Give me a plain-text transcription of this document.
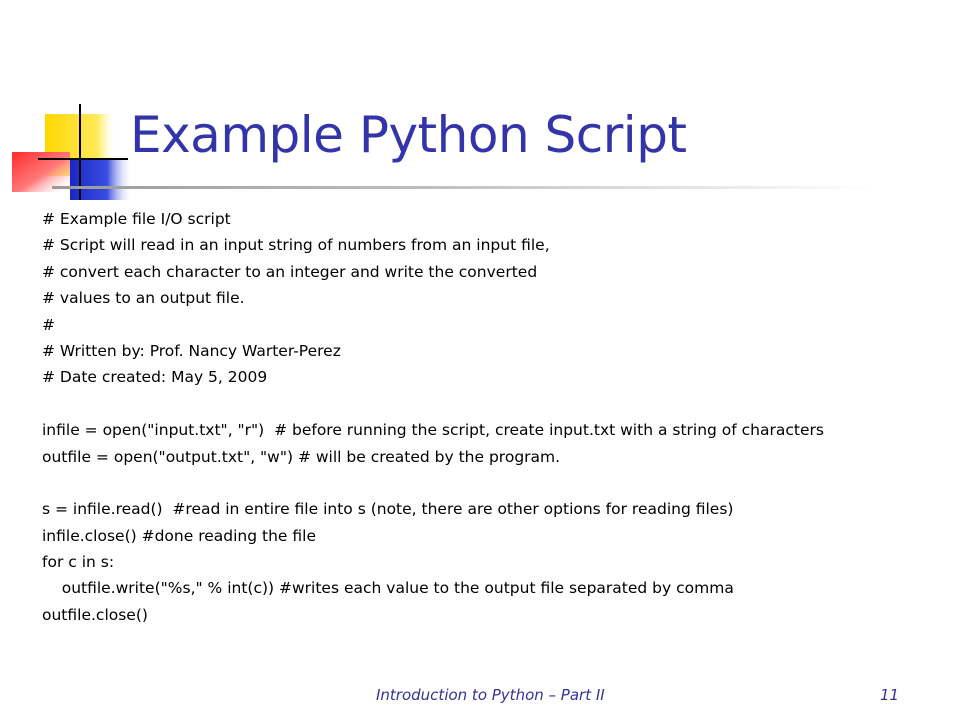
Example Python Script
# Example file I/O script
# Script will read in an input string of numbers from an input file,
# convert each character to an integer and write the converted
# values to an output file.
#
# Written by: Prof. Nancy Warter-Perez
# Date created: May 5, 2009
infile = open("input.txt", "r")  # before running the script, create input.txt with a string of characters
outfile = open("output.txt", "w") # will be created by the program.
s = infile.read()  #read in entire file into s (note, there are other options for reading files)
infile.close() #done reading the file
for c in s:
outfile.write("%s," % int(c)) #writes each value to the output file separated by comma
outfile.close()
Introduction to Python – Part II	11
